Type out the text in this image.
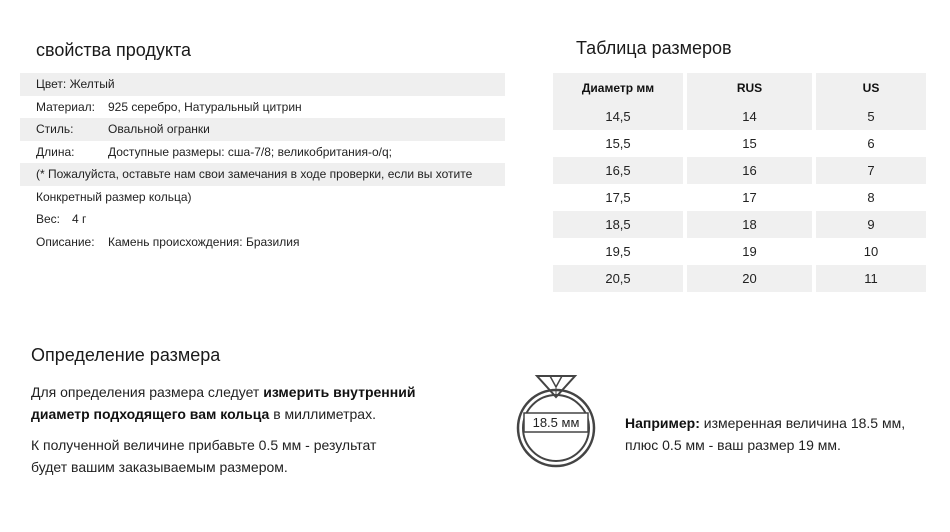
свойства продукта
Цвет: Желтый
Материал: 925 серебро, Натуральный цитрин
Стиль:	Овальной огранки
Длина:	Доступные размеры: сша-7/8; великобритания-о/q;
(* Пожалуйста, оставьте нам свои замечания в ходе проверки, если вы хотите
Конкретный размер кольца)
Вес: 4 г
Описание: Камень происхождения: Бразилия
Таблица размеров
Диаметр мм		RUS		US
14,5		14		5
15,5		15		6
16,5		16		7
17,5		17		8
18,5		18		9
19,5		19		10
20,5		20		11
Определение размера
Для определения размера следует измерить внутренний
диаметр подходящего вам кольца в миллиметрах.
К полученной величине прибавьте 0.5 мм - результат
будет вашим заказываемым размером.
18.5 мм	Например: измеренная величина 18.5 мм,
плюс 0.5 мм - ваш размер 19 мм.
